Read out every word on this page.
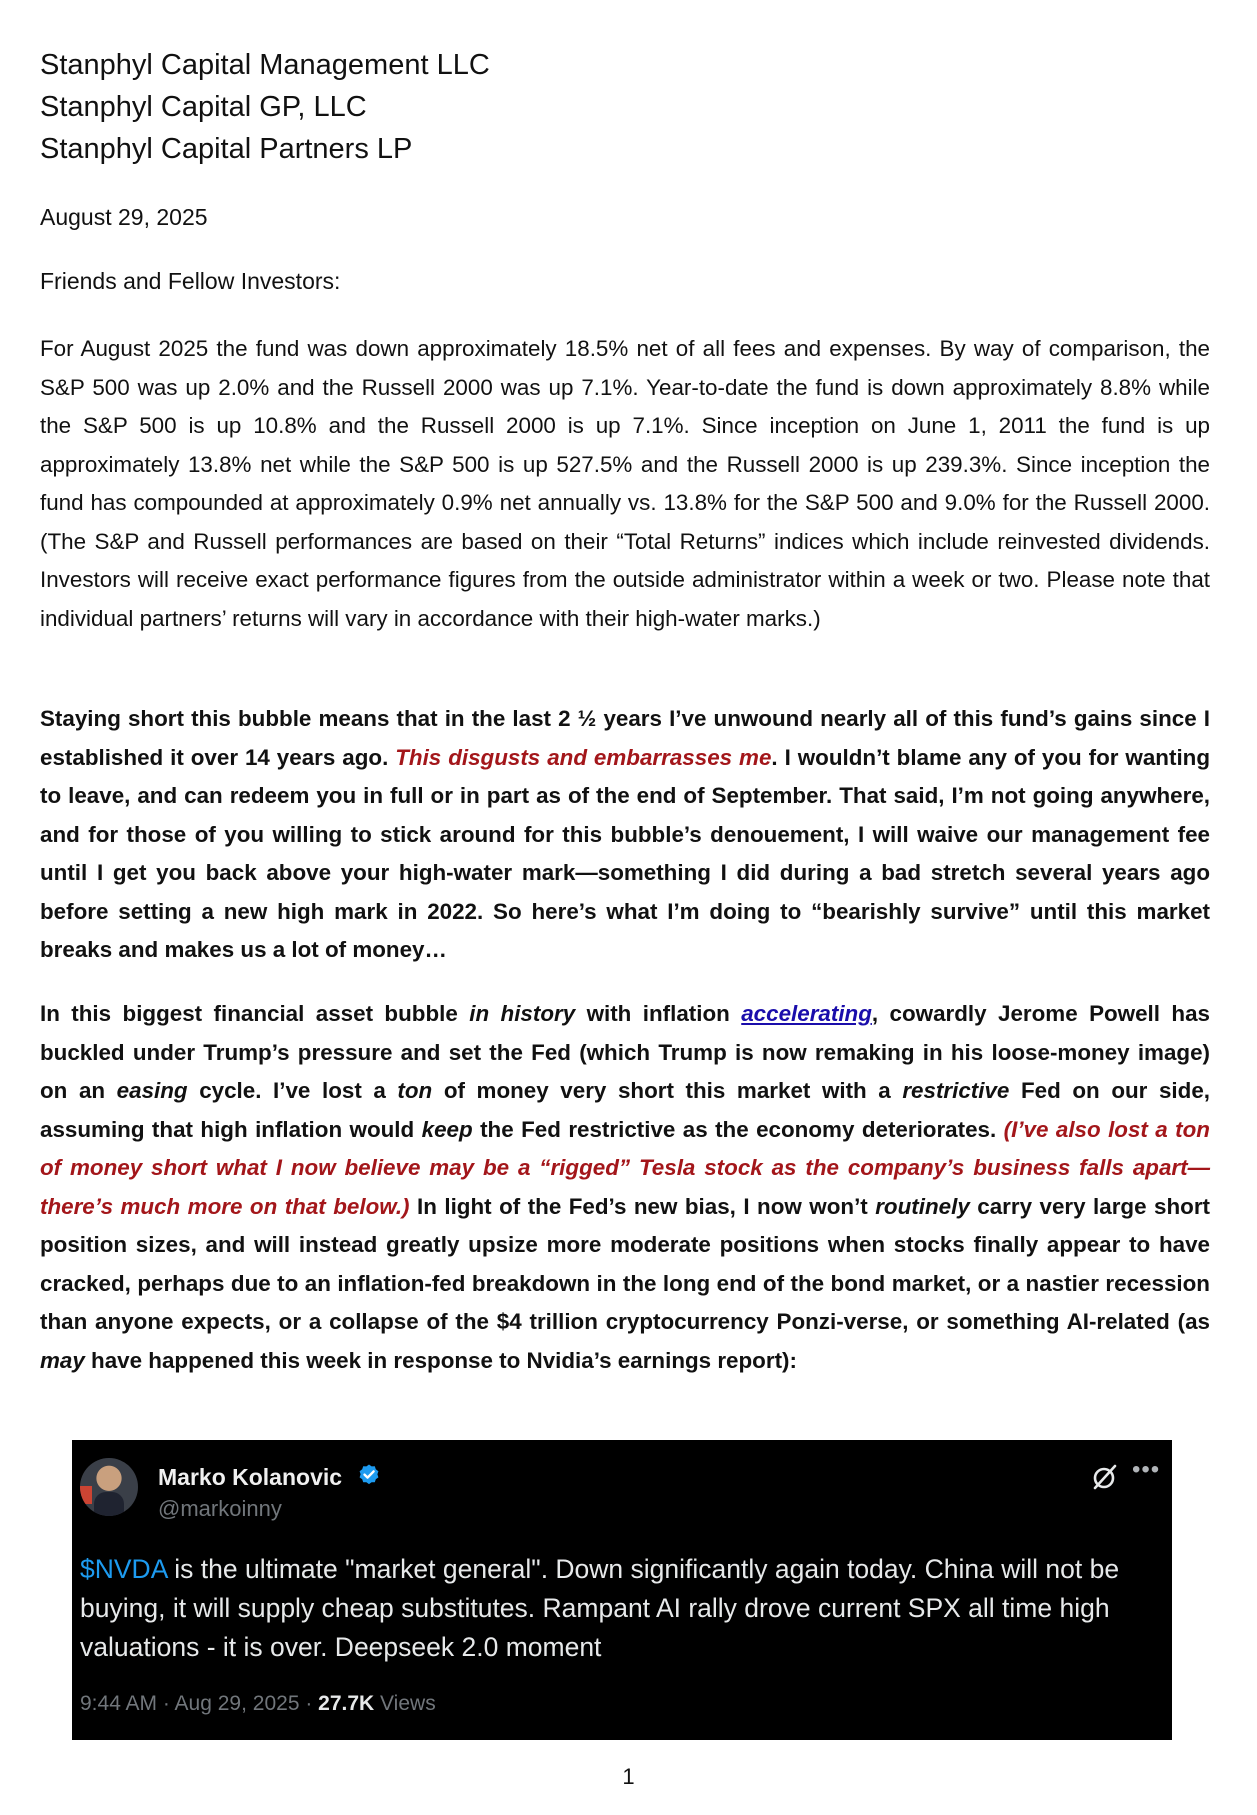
Stanphyl Capital Management LLC
Stanphyl Capital GP, LLC
Stanphyl Capital Partners LP
August 29, 2025
Friends and Fellow Investors:

For August 2025 the fund was down approximately 18.5% net of all fees and expenses. By way of comparison, the S&P 500 was up 2.0% and the Russell 2000 was up 7.1%. Year-to-date the fund is down approximately 8.8% while the S&P 500 is up 10.8% and the Russell 2000 is up 7.1%. Since inception on June 1, 2011 the fund is up approximately 13.8% net while the S&P 500 is up 527.5% and the Russell 2000 is up 239.3%. Since inception the fund has compounded at approximately 0.9% net annually vs. 13.8% for the S&P 500 and 9.0% for the Russell 2000. (The S&P and Russell performances are based on their “Total Returns” indices which include reinvested dividends. Investors will receive exact performance figures from the outside administrator within a week or two. Please note that individual partners’ returns will vary in accordance with their high-water marks.)

Staying short this bubble means that in the last 2 ½ years I’ve unwound nearly all of this fund’s gains since I established it over 14 years ago. This disgusts and embarrasses me. I wouldn’t blame any of you for wanting to leave, and can redeem you in full or in part as of the end of September. That said, I’m not going anywhere, and for those of you willing to stick around for this bubble’s denouement, I will waive our management fee until I get you back above your high-water mark—something I did during a bad stretch several years ago before setting a new high mark in 2022. So here’s what I’m doing to “bearishly survive” until this market breaks and makes us a lot of money…

In this biggest financial asset bubble in history with inflation accelerating, cowardly Jerome Powell has buckled under Trump’s pressure and set the Fed (which Trump is now remaking in his loose-money image) on an easing cycle. I’ve lost a ton of money very short this market with a restrictive Fed on our side, assuming that high inflation would keep the Fed restrictive as the economy deteriorates. (I’ve also lost a ton of money short what I now believe may be a “rigged” Tesla stock as the company’s business falls apart—there’s much more on that below.) In light of the Fed’s new bias, I now won’t routinely carry very large short position sizes, and will instead greatly upsize more moderate positions when stocks finally appear to have cracked, perhaps due to an inflation-fed breakdown in the long end of the bond market, or a nastier recession than anyone expects, or a collapse of the $4 trillion cryptocurrency Ponzi-verse, or something AI-related (as may have happened this week in response to Nvidia’s earnings report):

Marko Kolanovic
@markoinny
•••
$NVDA is the ultimate "market general". Down significantly again today. China will not be buying, it will supply cheap substitutes. Rampant AI rally drove current SPX all time high valuations - it is over. Deepseek 2.0 moment
9:44 AM · Aug 29, 2025 · 27.7K Views
1
